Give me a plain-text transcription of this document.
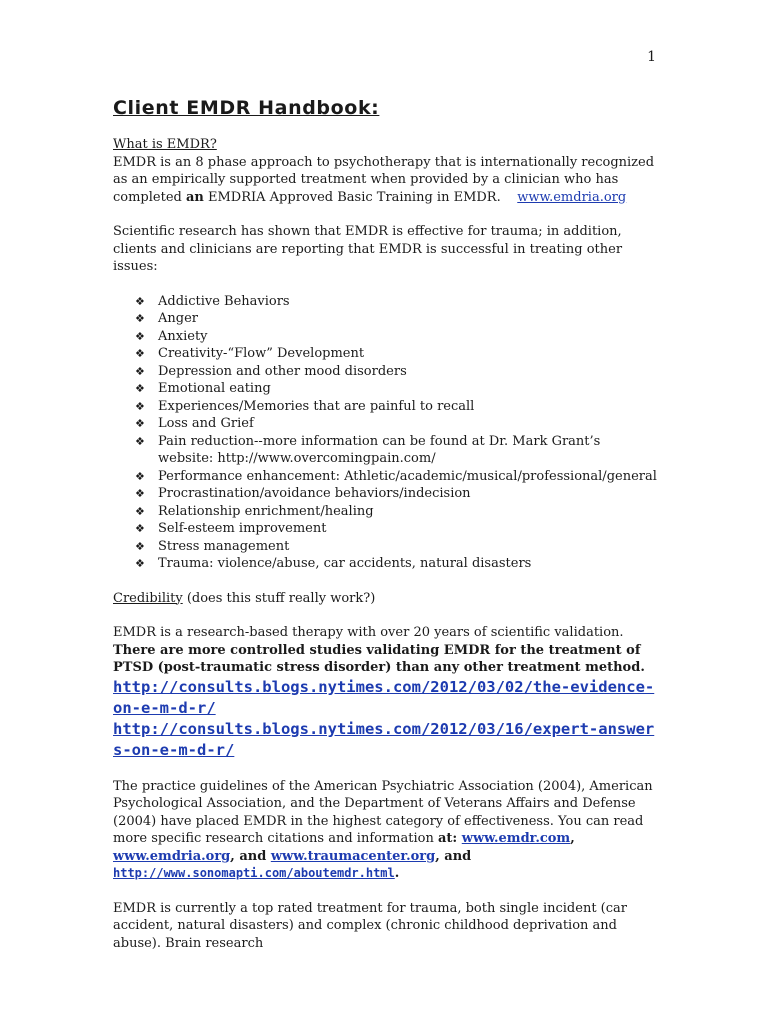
1
Client EMDR Handbook:

What is EMDR?

EMDR is an 8 phase approach to psychotherapy that is internationally recognized as an empirically supported treatment when provided by a clinician who has completed an EMDRIA Approved Basic Training in EMDR. www.emdria.org

Scientific research has shown that EMDR is effective for trauma; in addition, clients and clinicians are reporting that EMDR is successful in treating other issues:

❖ Addictive Behaviors
❖ Anger
❖ Anxiety
❖ Creativity-“Flow” Development
❖ Depression and other mood disorders
❖ Emotional eating
❖ Experiences/Memories that are painful to recall
❖ Loss and Grief
❖ Pain reduction--more information can be found at Dr. Mark Grant’s website: http://www.overcomingpain.com/
❖ Performance enhancement: Athletic/academic/musical/professional/general
❖ Procrastination/avoidance behaviors/indecision
❖ Relationship enrichment/healing
❖ Self-esteem improvement
❖ Stress management
❖ Trauma: violence/abuse, car accidents, natural disasters

Credibility (does this stuff really work?)

EMDR is a research-based therapy with over 20 years of scientific validation. There are more controlled studies validating EMDR for the treatment of PTSD (post-traumatic stress disorder) than any other treatment method.

http://consults.blogs.nytimes.com/2012/03/02/the-evidence-on-e-m-d-r/
http://consults.blogs.nytimes.com/2012/03/16/expert-answers-on-e-m-d-r/

The practice guidelines of the American Psychiatric Association (2004), American Psychological Association, and the Department of Veterans Affairs and Defense (2004) have placed EMDR in the highest category of effectiveness. You can read more specific research citations and information at: www.emdr.com, www.emdria.org, and www.traumacenter.org, and http://www.sonomapti.com/aboutemdr.html.

EMDR is currently a top rated treatment for trauma, both single incident (car accident, natural disasters) and complex (chronic childhood deprivation and abuse). Brain research
